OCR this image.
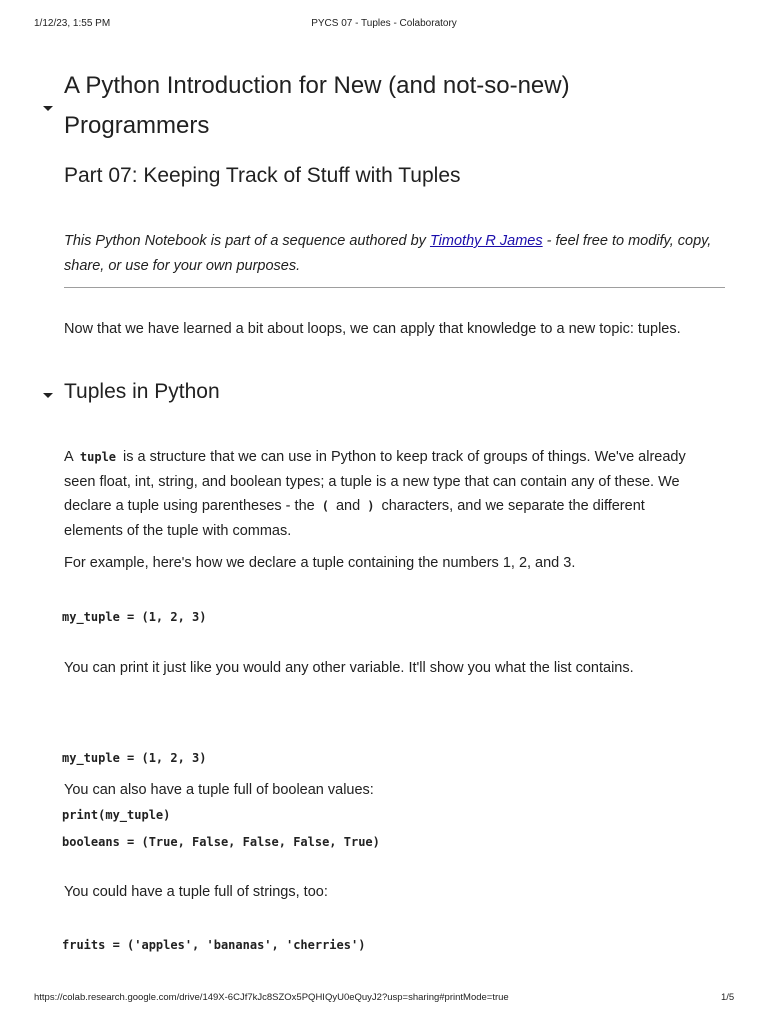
1/12/23, 1:55 PM	PYCS 07 - Tuples - Colaboratory
A Python Introduction for New (and not-so-new)
Programmers
Part 07: Keeping Track of Stuff with Tuples
This Python Notebook is part of a sequence authored by Timothy R James - feel free to modify, copy,
share, or use for your own purposes.
Now that we have learned a bit about loops, we can apply that knowledge to a new topic: tuples.
Tuples in Python
A tuple is a structure that we can use in Python to keep track of groups of things. We've already
seen float, int, string, and boolean types; a tuple is a new type that can contain any of these. We
declare a tuple using parentheses - the ( and ) characters, and we separate the different
elements of the tuple with commas.
For example, here's how we declare a tuple containing the numbers 1, 2, and 3.
my_tuple = (1, 2, 3)
You can print it just like you would any other variable. It'll show you what the list contains.

my_tuple = (1, 2, 3)

print(my_tuple)

You can also have a tuple full of boolean values:
booleans = (True, False, False, False, True)
You could have a tuple full of strings, too:
fruits = ('apples', 'bananas', 'cherries')
https://colab.research.google.com/drive/149X-6CJf7kJc8SZOx5PQHIQyU0eQuyJ2?usp=sharing#printMode=true	1/5
